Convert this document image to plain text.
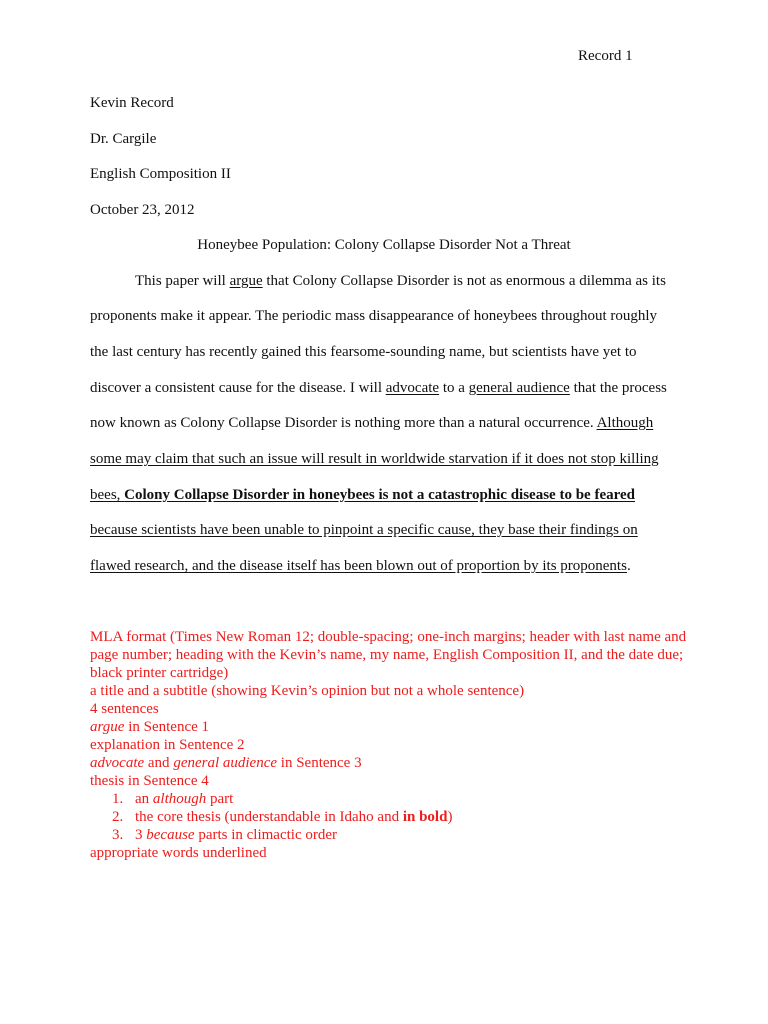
Record 1
Kevin Record
Dr. Cargile
English Composition II
October 23, 2012
Honeybee Population: Colony Collapse Disorder Not a Threat
This paper will argue that Colony Collapse Disorder is not as enormous a dilemma as its
proponents make it appear. The periodic mass disappearance of honeybees throughout roughly
the last century has recently gained this fearsome-sounding name, but scientists have yet to
discover a consistent cause for the disease. I will advocate to a general audience that the process
now known as Colony Collapse Disorder is nothing more than a natural occurrence. Although
some may claim that such an issue will result in worldwide starvation if it does not stop killing
bees, Colony Collapse Disorder in honeybees is not a catastrophic disease to be feared
because scientists have been unable to pinpoint a specific cause, they base their findings on
flawed research, and the disease itself has been blown out of proportion by its proponents.
MLA format (Times New Roman 12; double-spacing; one-inch margins; header with last name and page number; heading with the Kevin’s name, my name, English Composition II, and the date due; black printer cartridge)
a title and a subtitle (showing Kevin’s opinion but not a whole sentence)
4 sentences
argue in Sentence 1
explanation in Sentence 2
advocate and general audience in Sentence 3
thesis in Sentence 4
1. an although part
2. the core thesis (understandable in Idaho and in bold)
3. 3 because parts in climactic order
appropriate words underlined
